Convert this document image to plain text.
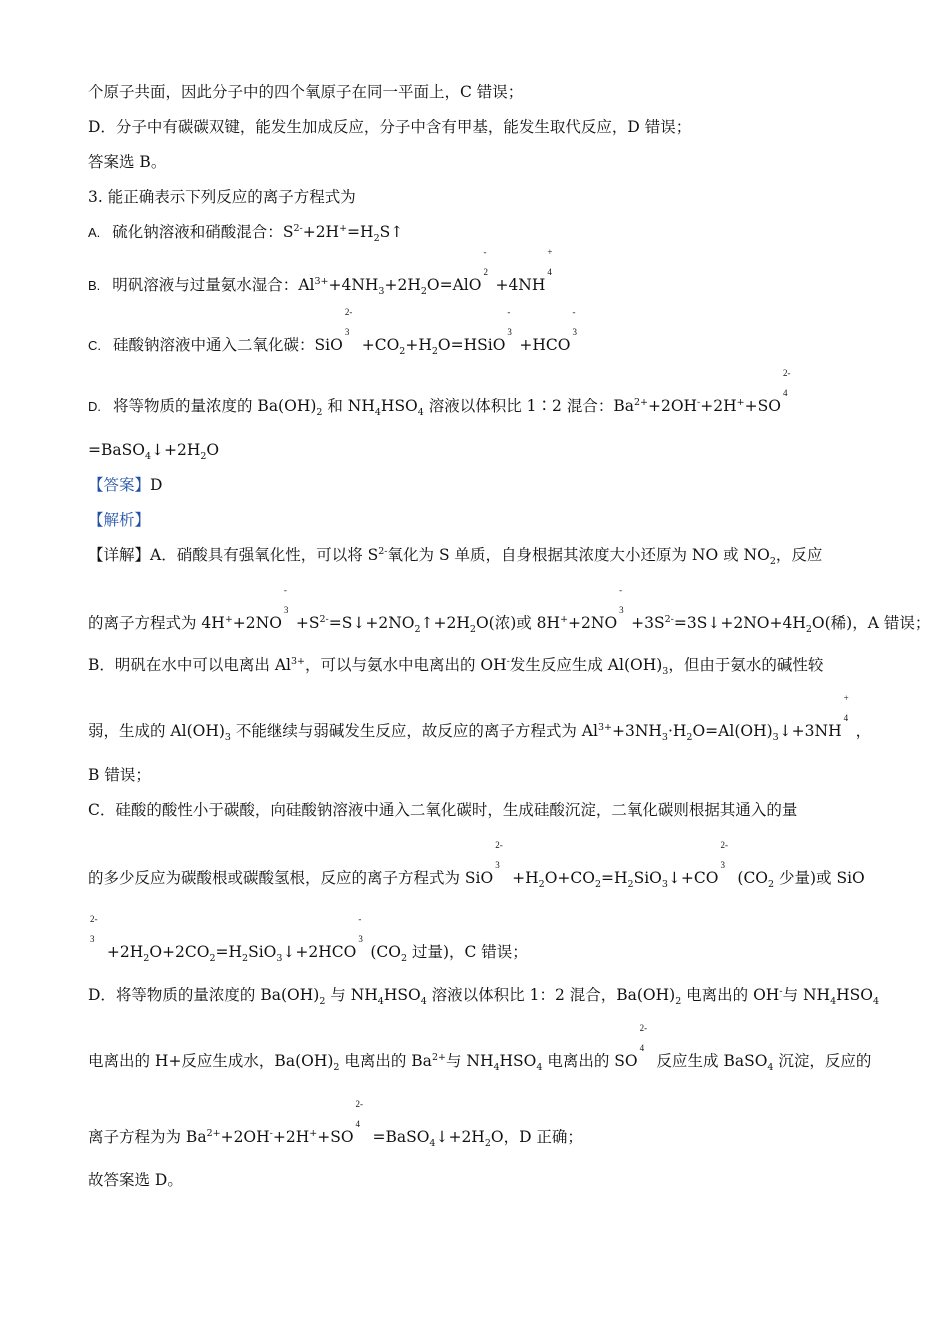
个原子共面，因此分子中的四个氧原子在同一平面上，C 错误；
D．分子中有碳碳双键，能发生加成反应，分子中含有甲基，能发生取代反应，D 错误；
答案选 B。
3. 能正确表示下列反应的离子方程式为
A. 硫化钠溶液和硝酸混合：$S^{2-}+2H^+=H_2S↑$
B. 明矾溶液与过量氨水湿合：$Al^{3+}+4NH_3+2H_2O=AlO$
-
2
+4NH
+
4
C. 硅酸钠溶液中通入二氧化碳：SiO
2-
3
$+CO_2+H_2O=HSiO$
-
3
+HCO
-
3
D. 将等物质的量浓度的 $Ba(OH)_2$ 和 $NH_4HSO_4$ 溶液以体积比 1∶2 混合：$Ba^{2+}+2OH^-+2H^++SO$
2-
4
$=BaSO_4↓+2H_2O$
【答案】D
【解析】
【详解】A．硝酸具有强氧化性，可以将 $S^{2-}$氧化为 S 单质，自身根据其浓度大小还原为 NO 或 $NO_2$，反应
的离子方程式为 4H++2NO
-
3
$+S^{2-}=S↓+2NO_2↑+2H_2O$(浓)或 8H++2NO
-
3
$+3S^{2-}=3S↓+2NO+4H_2O$(稀)，A 错误；
B．明矾在水中可以电离出 $Al^{3+}$，可以与氨水中电离出的 OH-发生反应生成 $Al(OH)_3$，但由于氨水的碱性较
弱，生成的 $Al(OH)_3$ 不能继续与弱碱发生反应，故反应的离子方程式为 $Al^{3+}+3NH_3\cdot H_2O=Al(OH)_3↓+3NH$
+
4
，
B 错误；
C．硅酸的酸性小于碳酸，向硅酸钠溶液中通入二氧化碳时，生成硅酸沉淀，二氧化碳则根据其通入的量
的多少反应为碳酸根或碳酸氢根，反应的离子方程式为 SiO
2-
3
$+H_2O+CO_2=H_2SiO_3↓+CO$
2-
3
($CO_2$ 少量)或 SiO
2-
3
$+2H_2O+2CO_2=H_2SiO_3↓+2HCO$
-
3
($CO_2$ 过量)，C 错误；
D．将等物质的量浓度的 $Ba(OH)_2$ 与 $NH_4HSO_4$ 溶液以体积比 1：2 混合，$Ba(OH)_2$ 电离出的 OH-与 $NH_4HSO_4$
电离出的 H+反应生成水，$Ba(OH)_2$ 电离出的 $Ba^{2+}$与 $NH_4HSO_4$ 电离出的 SO
2-
4
反应生成 BaSO$_4$ 沉淀，反应的
离子方程为为 $Ba^{2+}+2OH^-+2H^++SO$
2-
4
$=BaSO_4↓+2H_2O$，D 正确；
故答案选 D。
